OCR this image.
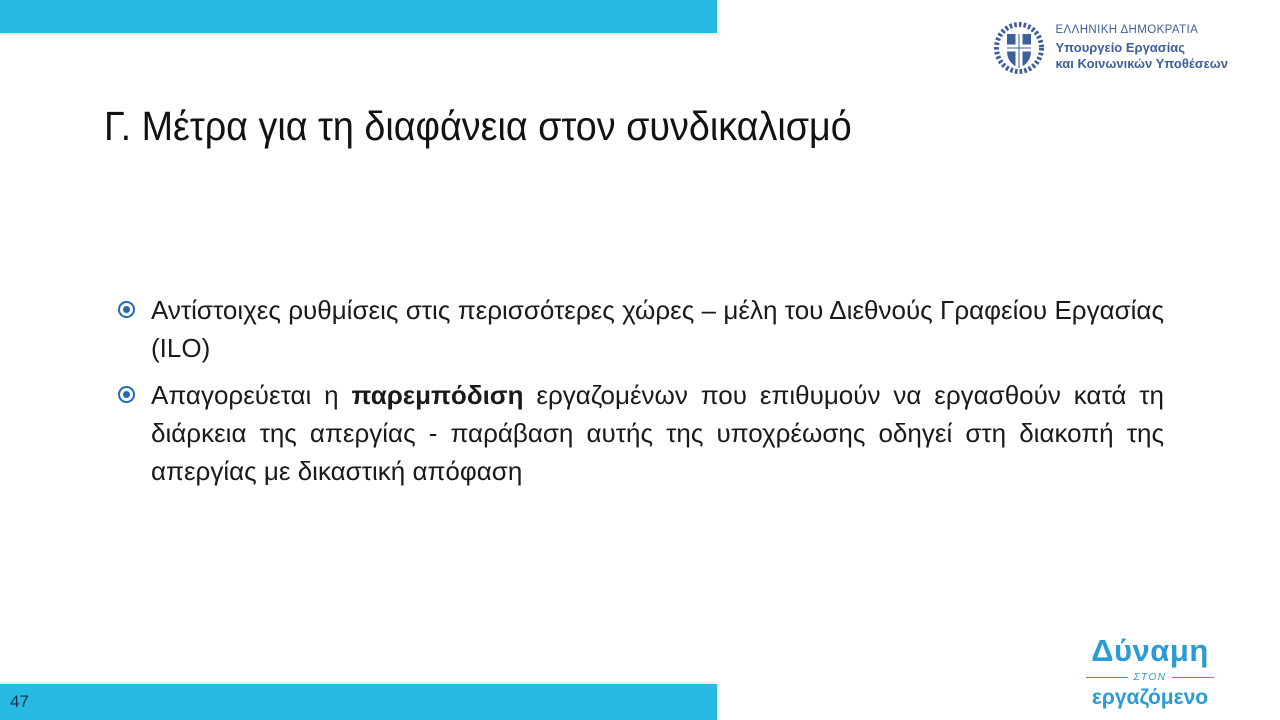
ΕΛΛΗΝΙΚΗ ΔΗΜΟΚΡΑΤΙΑ
Υπουργείο Εργασίας
και Κοινωνικών Υποθέσεων
Γ. Μέτρα για τη διαφάνεια στον συνδικαλισμό

Αντίστοιχες ρυθμίσεις στις περισσότερες χώρες – μέλη του Διεθνούς Γραφείου Εργασίας (ILO)

Απαγορεύεται η παρεμπόδιση εργαζομένων που επιθυμούν να εργασθούν κατά τη διάρκεια της απεργίας - παράβαση αυτής της υποχρέωσης οδηγεί στη διακοπή της απεργίας με δικαστική απόφαση

Δύναμη
ΣΤΟΝ
εργαζόμενο
47
